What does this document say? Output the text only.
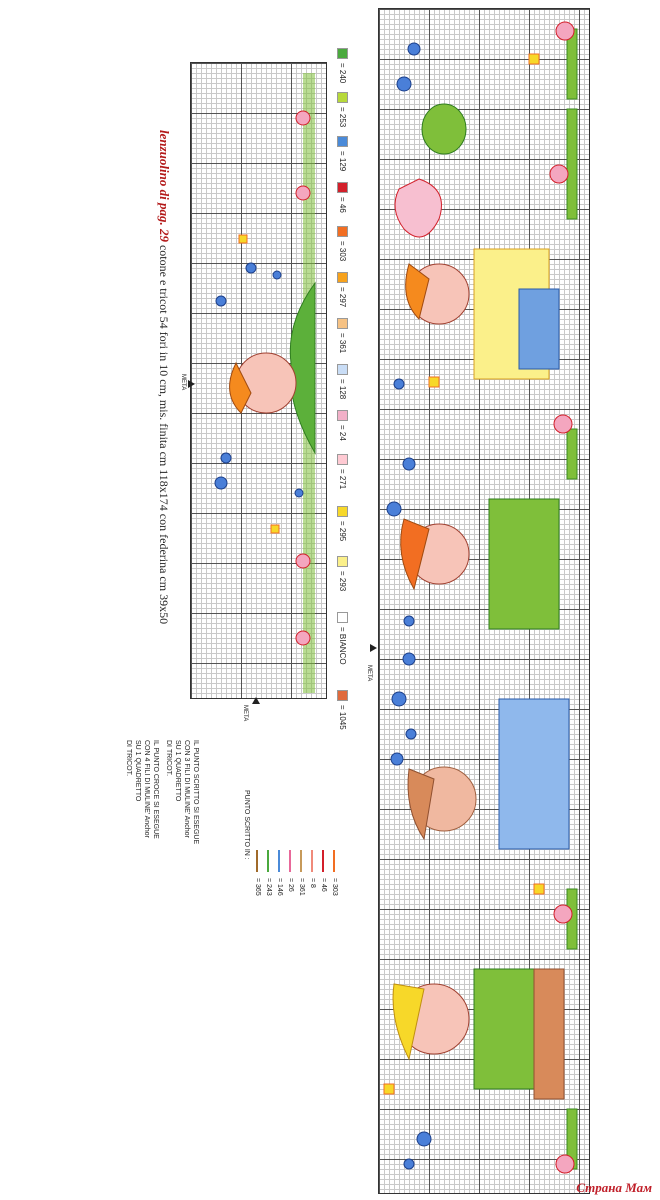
META
META
lenzuolino di pag. 29 cotone e tricot 54 fori in 10 cm, mis. finita cm 118x174 con federina cm 39x50
= 240
= 253
= 129
= 46
= 303
= 297
= 361
= 128
= 24
= 271
= 295
= 293
= BIANCO
= 1045
IL PUNTO CROCE SI ESEGUE
CON 4 FILI DI MULINE' Anchor
SU 1 QUADRETTO
DI TRICOT.	IL PUNTO SCRITTO SI ESEGUE
CON 3 FILI DI MULINE' Anchor
SU 1 QUADRETTO
DI TRICOT.
PUNTO SCRITTO IN :
= 303
= 46
= 8
= 361
= 26
= 146
= 243
= 365
META
Страна Мам
